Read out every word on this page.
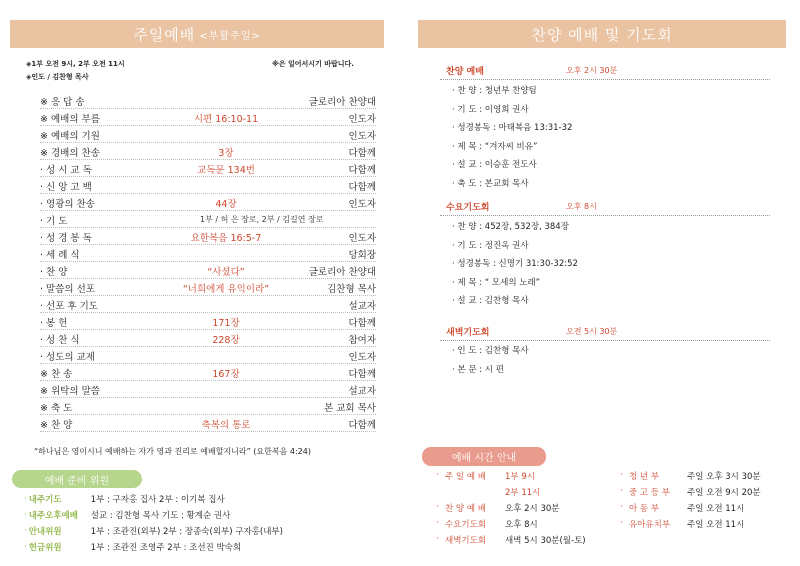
주일예배 <부활주일>
◈1부 오전 9시, 2부 오전 11시
◈인도 / 김찬형 목사
※은 일어서시기 바랍니다.
※ 응 답 송	글로리아 찬양대
※ 예배의 부름	시편 16:10-11	인도자
※ 예배의 기원	인도자
※ 경배의 찬송	3장	다함께
· 성 시 교 독	교독문 134번	다함께
· 신 앙 고 백	다함께
· 영광의 찬송	44장	인도자
· 기 도	1부 / 허 은 장로, 2부 / 김길연 장로
· 성 경 봉 독	요한복음 16:5-7	인도자
· 세 례 식	당회장
· 찬 양	“사셨다”	글로리아 찬양대
· 말씀의 선포	“너희에게 유익이라”	김찬형 목사
· 선포 후 기도	설교자
· 봉 헌	171장	다함께
· 성 찬 식	228장	참여자
· 성도의 교제	인도자
※ 찬 송	167장	다함께
※ 위탁의 말씀	설교자
※ 축 도	본 교회 목사
※ 찬 양	축복의 통로	다함께
“하나님은 영이시니 예배하는 자가 영과 진리로 예배할지니라” (요한복음 4:24)
예배 준비 위원
· 내주기도	1부 : 구자홍 집사 2부 : 이기복 집사
· 내주오후예배	설교 : 김찬형 목사 기도 : 황계순 권사
· 안내위원	1부 : 조관진(외부) 2부 : 장종숙(외부) 구자홍(내부)
· 헌금위원	1부 : 조관진 조영주 2부 : 조선진 박숙희
찬양 예배 및 기도회
찬양 예배	오후 2시 30분
· 찬 양 : 청년부 찬양팀
· 기 도 : 이영희 권사
· 성경봉독 : 마태복음 13:31-32
· 제 목 : “겨자씨 비유”
· 설 교 : 이승훈 전도사
· 축 도 : 본교회 목사
수요기도회	오후 8시
· 찬 양 : 452장, 532장, 384장
· 기 도 : 정진옥 권사
· 성경봉독 : 신명기 31:30-32:52
· 제 목 : “ 모세의 노래”
· 설 교 : 김찬형 목사
새벽기도회	오전 5시 30분
· 인 도 : 김찬형 목사
· 본 문 : 시 편
예배 시간 안내
· 주 일 예 배	1부 9시
2부 11시
· 찬 양 예 배	오후 2시 30분
· 수요기도회	오후 8시
· 새벽기도회	새벽 5시 30분(월-토)
· 청 년 부	주일 오후 3시 30분
· 중 고 등 부	주일 오전 9시 20분
· 아 동 부	주일 오전 11시
· 유아유치부	주일 오전 11시
